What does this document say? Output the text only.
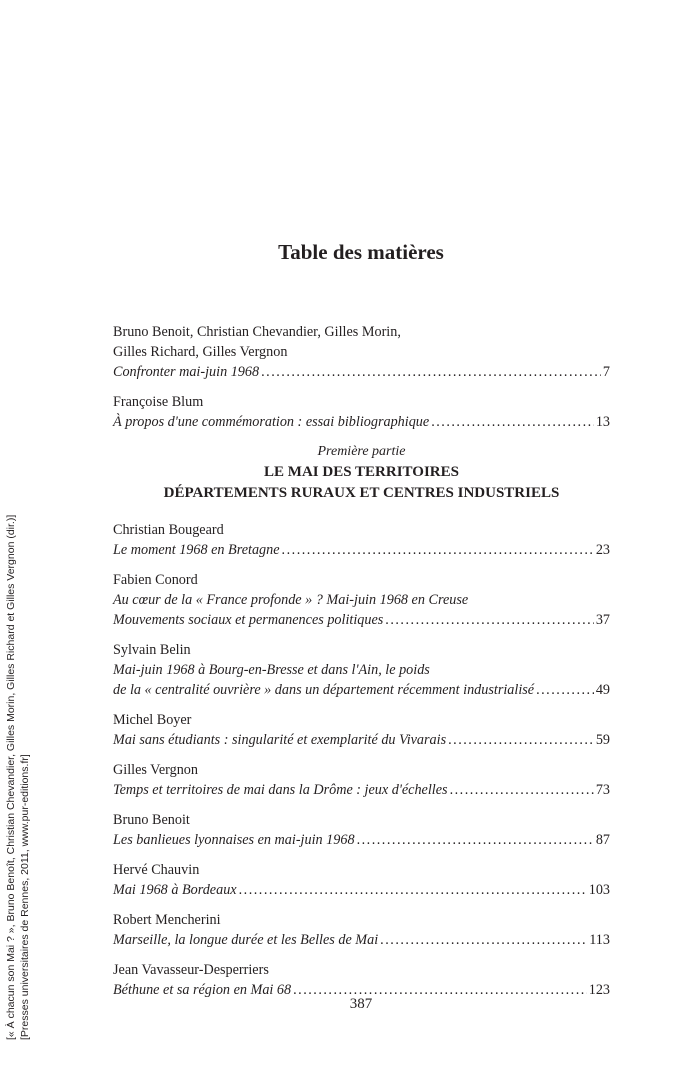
[« À chacun son Mai ? », Bruno Benoît, Christian Chevandier, Gilles Morin, Gilles Richard et Gilles Vergnon (dir.)] [Presses universitaires de Rennes, 2011, www.pur-editions.fr]
Table des matières
Bruno Benoit, Christian Chevandier, Gilles Morin,
Gilles Richard, Gilles Vergnon
Confronter mai-juin 1968 .....	7
Françoise Blum
À propos d'une commémoration : essai bibliographique .....	13
Première partie
LE MAI DES TERRITOIRES
DÉPARTEMENTS RURAUX ET CENTRES INDUSTRIELS
Christian Bougeard
Le moment 1968 en Bretagne .....	23
Fabien Conord
Au cœur de la « France profonde » ? Mai-juin 1968 en Creuse
Mouvements sociaux et permanences politiques .....	37
Sylvain Belin
Mai-juin 1968 à Bourg-en-Bresse et dans l'Ain, le poids
de la « centralité ouvrière » dans un département récemment industrialisé .....	49
Michel Boyer
Mai sans étudiants : singularité et exemplarité du Vivarais .....	59
Gilles Vergnon
Temps et territoires de mai dans la Drôme : jeux d'échelles .....	73
Bruno Benoit
Les banlieues lyonnaises en mai-juin 1968 .....	87
Hervé Chauvin
Mai 1968 à Bordeaux .....	103
Robert Mencherini
Marseille, la longue durée et les Belles de Mai .....	113
Jean Vavasseur-Desperriers
Béthune et sa région en Mai 68 .....	123
387
